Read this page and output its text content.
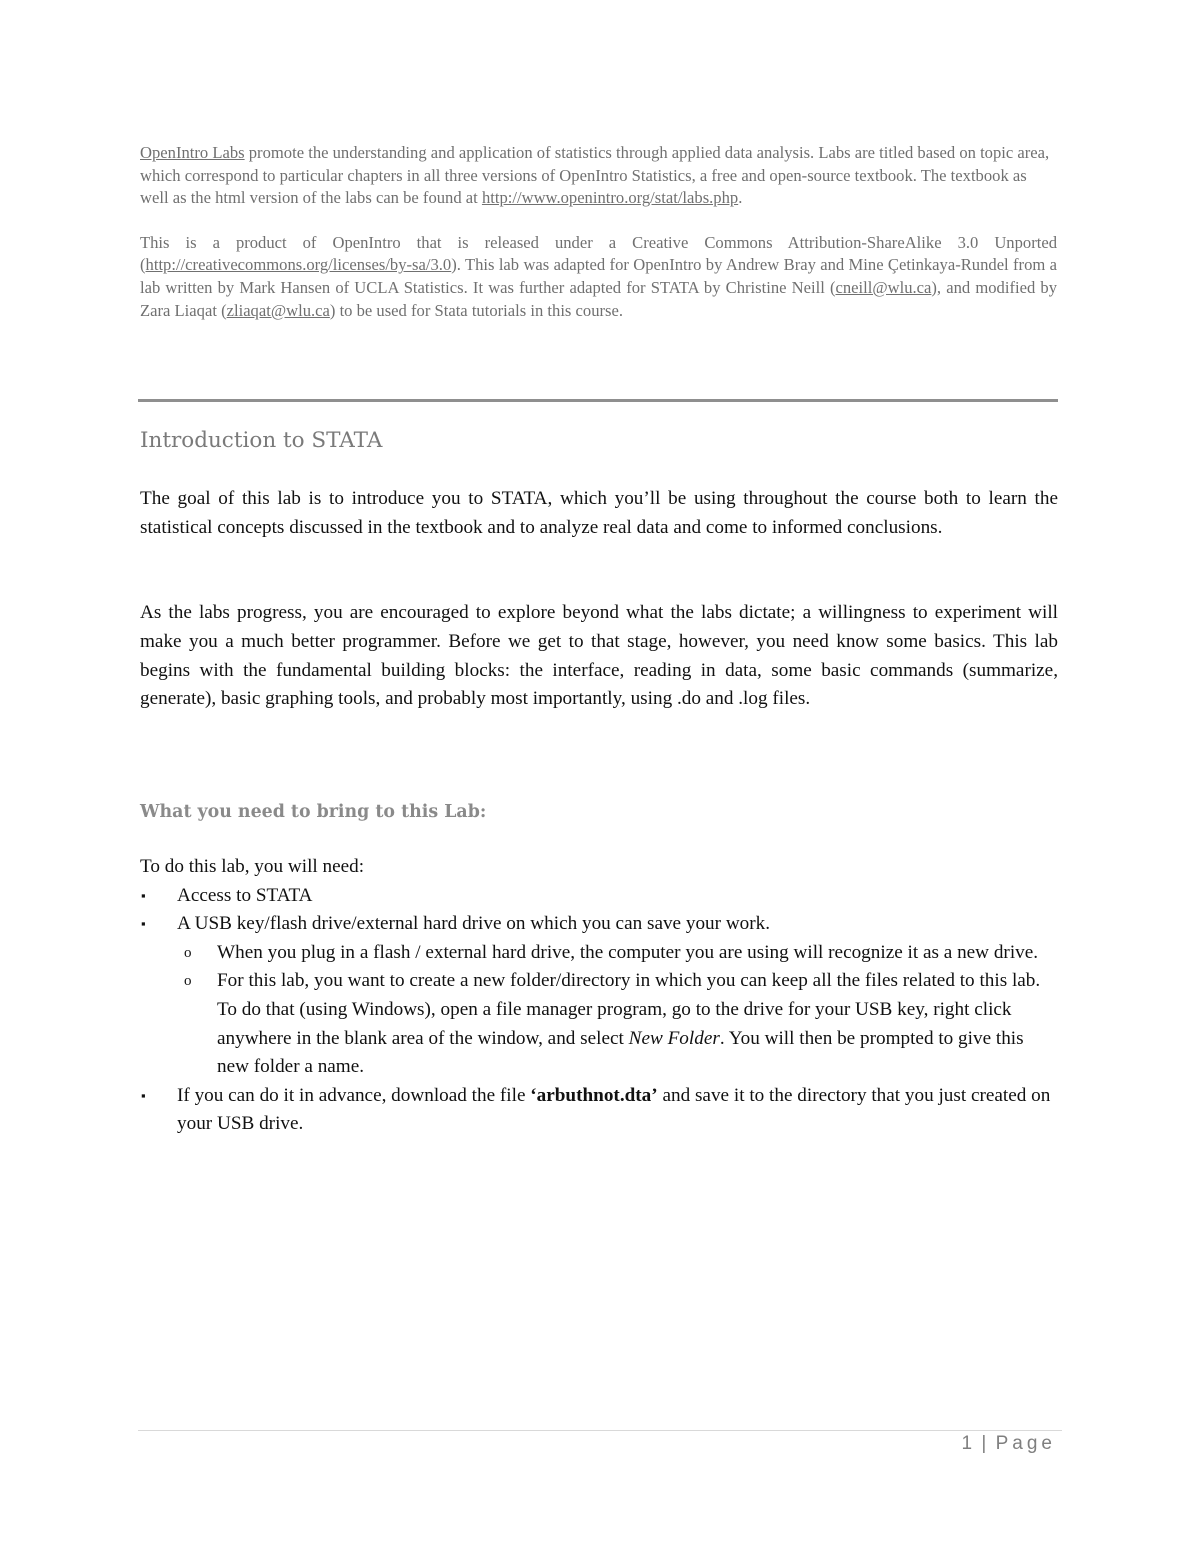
OpenIntro Labs promote the understanding and application of statistics through applied data analysis. Labs are titled based on topic area, which correspond to particular chapters in all three versions of OpenIntro Statistics, a free and open-source textbook. The textbook as well as the html version of the labs can be found at http://www.openintro.org/stat/labs.php.

This is a product of OpenIntro that is released under a Creative Commons Attribution-ShareAlike 3.0 Unported (http://creativecommons.org/licenses/by-sa/3.0). This lab was adapted for OpenIntro by Andrew Bray and Mine Çetinkaya-Rundel from a lab written by Mark Hansen of UCLA Statistics. It was further adapted for STATA by Christine Neill (cneill@wlu.ca), and modified by Zara Liaqat (zliaqat@wlu.ca) to be used for Stata tutorials in this course.

Introduction to STATA

The goal of this lab is to introduce you to STATA, which you’ll be using throughout the course both to learn the statistical concepts discussed in the textbook and to analyze real data and come to informed conclusions.

As the labs progress, you are encouraged to explore beyond what the labs dictate; a willingness to experiment will make you a much better programmer. Before we get to that stage, however, you need know some basics. This lab begins with the fundamental building blocks: the interface, reading in data, some basic commands (summarize, generate), basic graphing tools, and probably most importantly, using .do and .log files.

What you need to bring to this Lab:

To do this lab, you will need:

▪ Access to STATA
▪ A USB key/flash drive/external hard drive on which you can save your work.
o When you plug in a flash / external hard drive, the computer you are using will recognize it as a new drive.
o For this lab, you want to create a new folder/directory in which you can keep all the files related to this lab. To do that (using Windows), open a file manager program, go to the drive for your USB key, right click anywhere in the blank area of the window, and select New Folder. You will then be prompted to give this new folder a name.
▪ If you can do it in advance, download the file ‘arbuthnot.dta’ and save it to the directory that you just created on your USB drive.
1 | Page
